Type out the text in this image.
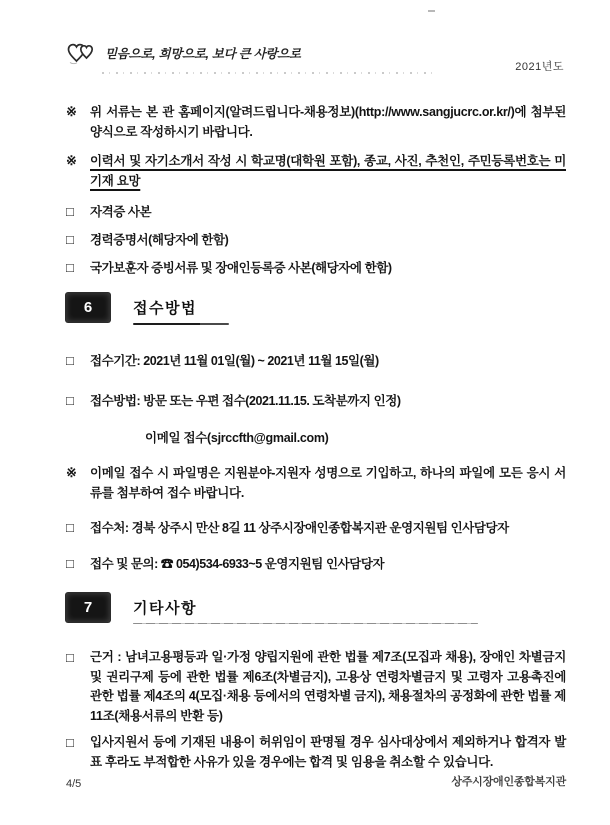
2021년도
믿음으로, 희망으로, 보다 큰 사랑으로
※	위 서류는 본 관 홈페이지(알려드립니다-채용정보)(http://www.sangjucrc.or.kr/)에 첨부된 양식으로 작성하시기 바랍니다.
※	이력서 및 자기소개서 작성 시 학교명(대학원 포함), 종교, 사진, 추천인, 주민등록번호는 미기재 요망
□	자격증 사본
□	경력증명서(해당자에 한함)
□	국가보훈자 증빙서류 및 장애인등록증 사본(해당자에 한함)
6	접수방법
□	접수기간: 2021년 11월 01일(월) ~ 2021년 11월 15일(월)
□	접수방법: 방문 또는 우편 접수(2021.11.15. 도착분까지 인정)
이메일 접수(sjrccfth@gmail.com)
※	이메일 접수 시 파일명은 지원분야-지원자 성명으로 기입하고, 하나의 파일에 모든 응시 서류를 첨부하여 접수 바랍니다.
□	접수처: 경북 상주시 만산 8길 11 상주시장애인종합복지관 운영지원팀 인사담당자
□	접수 및 문의: ☎ 054)534-6933~5 운영지원팀 인사담당자
7	기타사항
□	근거 : 남녀고용평등과 일·가정 양립지원에 관한 법률 제7조(모집과 채용), 장애인 차별금지 및 권리구제 등에 관한 법률 제6조(차별금지), 고용상 연령차별금지 및 고령자 고용촉진에 관한 법률 제4조의 4(모집·채용 등에서의 연령차별 금지), 채용절차의 공정화에 관한 법률 제11조(채용서류의 반환 등)
□	입사지원서 등에 기재된 내용이 허위임이 판명될 경우 심사대상에서 제외하거나 합격자 발표 후라도 부적합한 사유가 있을 경우에는 합격 및 임용을 취소할 수 있습니다.
상주시장애인종합복지관
4/5
